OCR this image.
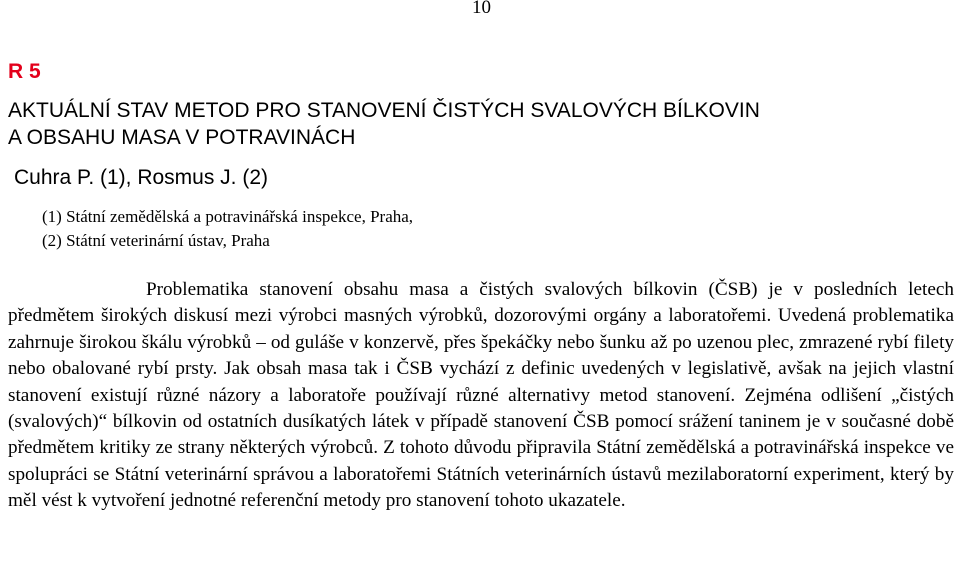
10
R 5
AKTUÁLNÍ STAV METOD PRO STANOVENÍ ČISTÝCH SVALOVÝCH BÍLKOVIN
A OBSAHU MASA V POTRAVINÁCH
Cuhra P. (1), Rosmus J. (2)
(1) Státní zemědělská a potravinářská inspekce, Praha,
(2) Státní veterinární ústav, Praha

Problematika stanovení obsahu masa a čistých svalových bílkovin (ČSB) je v posledních letech předmětem širokých diskusí mezi výrobci masných výrobků, dozorovými orgány a laboratořemi. Uvedená problematika zahrnuje širokou škálu výrobků – od guláše v konzervě, přes špekáčky nebo šunku až po uzenou plec, zmrazené rybí filety nebo obalované rybí prsty. Jak obsah masa tak i ČSB vychází z definic uvedených v legislativě, avšak na jejich vlastní stanovení existují různé názory a laboratoře používají různé alternativy metod stanovení. Zejména odlišení „čistých (svalových)“ bílkovin od ostatních dusíkatých látek v případě stanovení ČSB pomocí srážení taninem je v současné době předmětem kritiky ze strany některých výrobců. Z tohoto důvodu připravila Státní zemědělská a potravinářská inspekce ve spolupráci se Státní veterinární správou a laboratořemi Státních veterinárních ústavů mezilaboratorní experiment, který by měl vést k vytvoření jednotné referenční metody pro stanovení tohoto ukazatele.
